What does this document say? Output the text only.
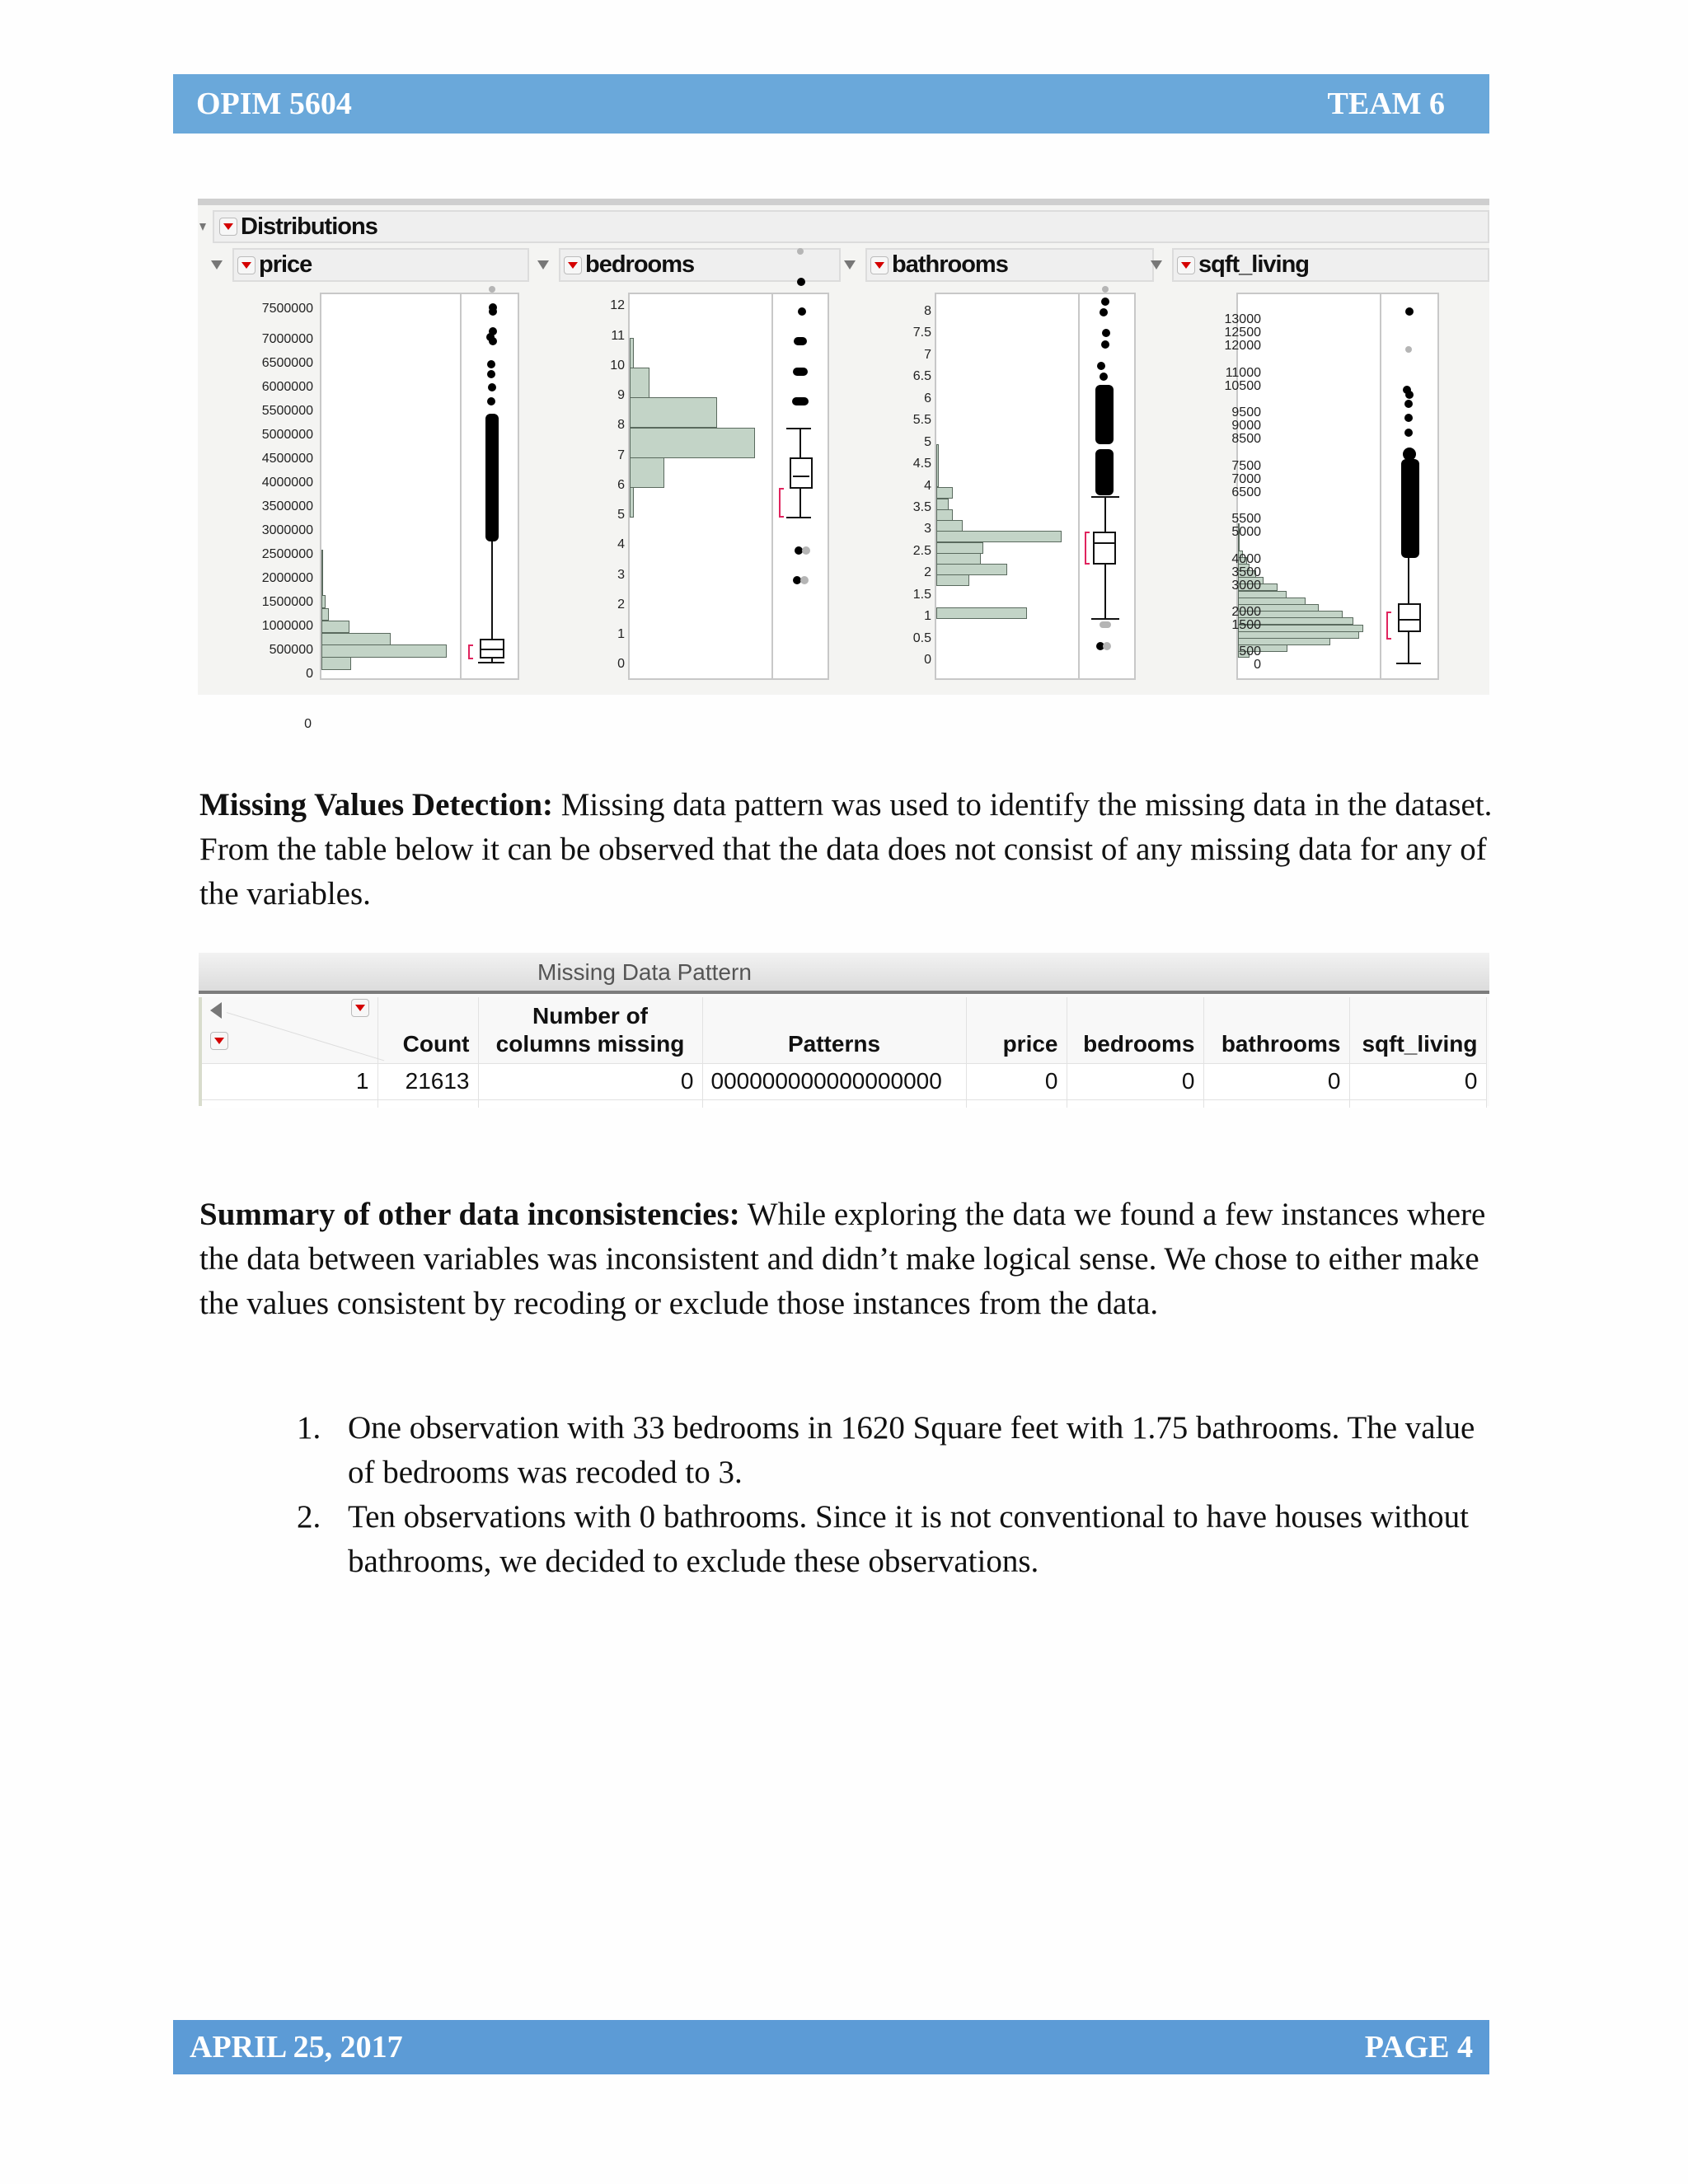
OPIM 5604	TEAM 6
Distributions
price
0
bedrooms	bathrooms	sqft_living
0
500000
1000000
1500000
2000000
2500000
3000000
3500000
4000000
4500000
5000000
5500000
6000000
6500000
7000000
7500000
0
1
2
3
4
5
6
7
8
9
10
11
12
0
0.5
1
1.5
2
2.5
3
3.5
4
4.5
5
5.5
6
6.5
7
7.5
8
0
500
1500
2000
3000
3500
4000
5000
5500
6500
7000
7500
8500
9000
9500
10500
11000
12000
12500
13000

Missing Values Detection: Missing data pattern was used to identify the missing data in the dataset. From the table below it can be observed that the data does not consist of any missing data for any of the variables.

Missing Data Pattern
	Count	Number of
columns missing	Patterns	price	bedrooms	bathrooms	sqft_living
1	21613	0	000000000000000000	0	0	0	0

Summary of other data inconsistencies: While exploring the data we found a few instances where the data between variables was inconsistent and didn’t make logical sense. We chose to either make the values consistent by recoding or exclude those instances from the data.

1. One observation with 33 bedrooms in 1620 Square feet with 1.75 bathrooms. The value of bedrooms was recoded to 3.
2. Ten observations with 0 bathrooms. Since it is not conventional to have houses without bathrooms, we decided to exclude these observations.
APRIL 25, 2017	PAGE 4
